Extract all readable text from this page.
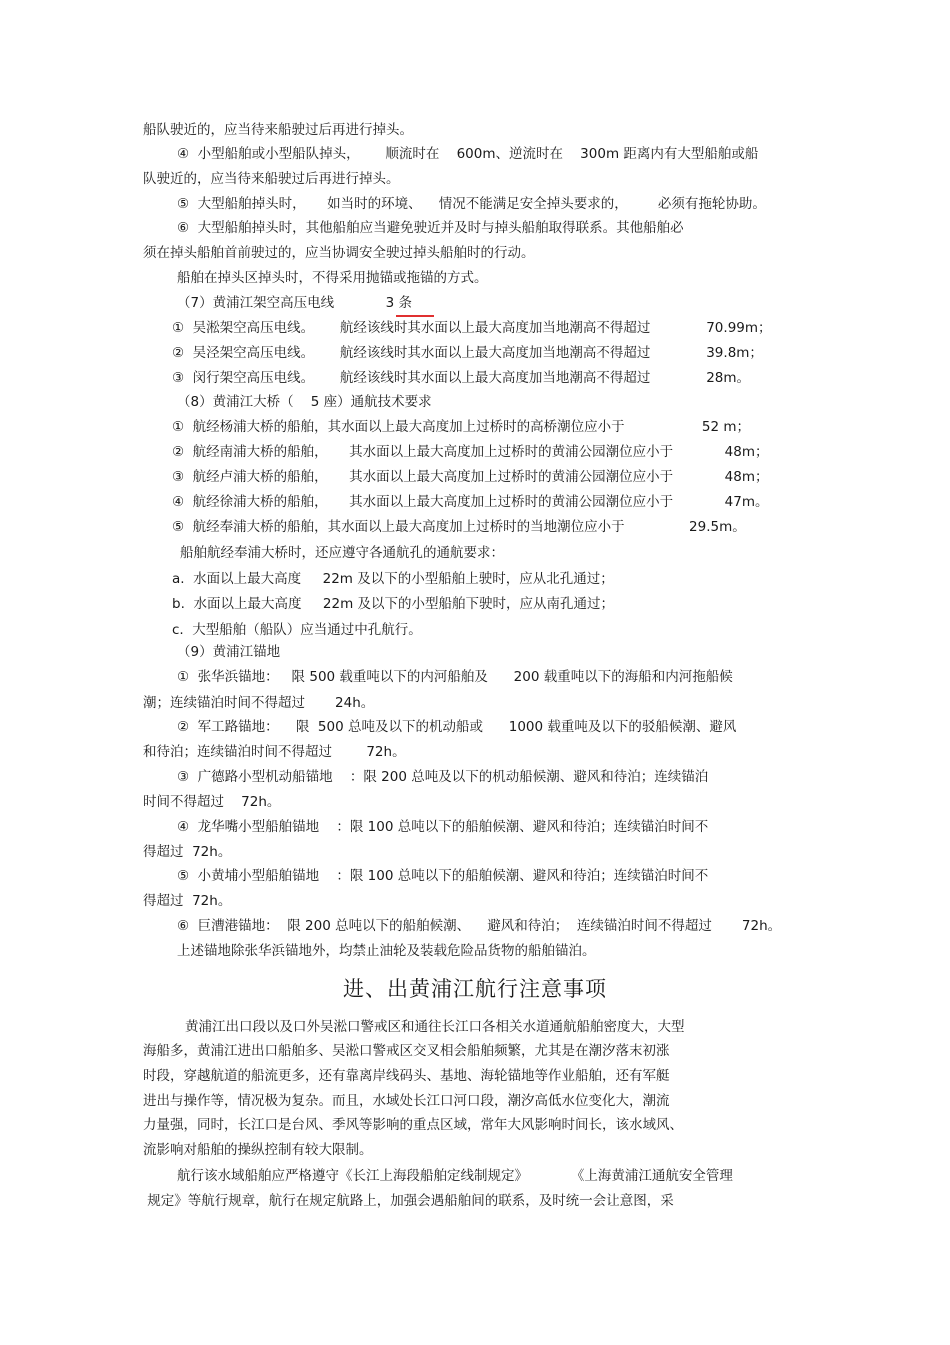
船队驶近的，应当待来船驶过后再进行掉头。
④  小型船舶或小型船队掉头，      顺流时在    600m、逆流时在    300m 距离内有大型船舶或船
队驶近的，应当待来船驶过后再进行掉头。
⑤  大型船舶掉头时，     如当时的环境、    情况不能满足安全掉头要求的，       必须有拖轮协助。
⑥  大型船舶掉头时，其他船舶应当避免驶近并及时与掉头船舶取得联系。其他船舶必
须在掉头船舶首前驶过的，应当协调安全驶过掉头船舶时的行动。
船舶在掉头区掉头时，不得采用抛锚或拖锚的方式。
（7）黄浦江架空高压电线            3 条
①  吴淞架空高压电线。      航经该线时其水面以上最大高度加当地潮高不得超过             70.99m；
②  吴泾架空高压电线。      航经该线时其水面以上最大高度加当地潮高不得超过             39.8m；
③  闵行架空高压电线。      航经该线时其水面以上最大高度加当地潮高不得超过             28m。
（8）黄浦江大桥（    5 座）通航技术要求
①  航经杨浦大桥的船舶，其水面以上最大高度加上过桥时的高桥潮位应小于                  52 m；
②  航经南浦大桥的船舶，     其水面以上最大高度加上过桥时的黄浦公园潮位应小于            48m；
③  航经卢浦大桥的船舶，     其水面以上最大高度加上过桥时的黄浦公园潮位应小于            48m；
④  航经徐浦大桥的船舶，     其水面以上最大高度加上过桥时的黄浦公园潮位应小于            47m。
⑤  航经奉浦大桥的船舶，其水面以上最大高度加上过桥时的当地潮位应小于               29.5m。
船舶航经奉浦大桥时，还应遵守各通航孔的通航要求：
a.  水面以上最大高度     22m 及以下的小型船舶上驶时，应从北孔通过；
b.  水面以上最大高度     22m 及以下的小型船舶下驶时，应从南孔通过；
c.  大型船舶（船队）应当通过中孔航行。
（9）黄浦江锚地
①  张华浜锚地：   限 500 载重吨以下的内河船舶及      200 载重吨以下的海船和内河拖船候
潮；连续锚泊时间不得超过       24h。
②  军工路锚地：    限  500 总吨及以下的机动船或      1000 载重吨及以下的驳船候潮、避风
和待泊；连续锚泊时间不得超过        72h。
③  广德路小型机动船锚地    ：限 200 总吨及以下的机动船候潮、避风和待泊；连续锚泊
时间不得超过    72h。
④  龙华嘴小型船舶锚地    ：限 100 总吨以下的船舶候潮、避风和待泊；连续锚泊时间不
得超过  72h。
⑤  小黄埔小型船舶锚地    ：限 100 总吨以下的船舶候潮、避风和待泊；连续锚泊时间不
得超过  72h。
⑥  巨漕港锚地：  限 200 总吨以下的船舶候潮、    避风和待泊；  连续锚泊时间不得超过       72h。
上述锚地除张华浜锚地外，均禁止油轮及装载危险品货物的船舶锚泊。
进、出黄浦江航行注意事项
黄浦江出口段以及口外吴淞口警戒区和通往长江口各相关水道通航船舶密度大，大型
海船多，黄浦江进出口船舶多、吴淞口警戒区交叉相会船舶频繁，尤其是在潮汐落末初涨
时段，穿越航道的船流更多，还有靠离岸线码头、基地、海轮锚地等作业船舶，还有军艇
进出与操作等，情况极为复杂。而且，水域处长江口河口段，潮汐高低水位变化大，潮流
力量强，同时，长江口是台风、季风等影响的重点区域，常年大风影响时间长，该水域风、
流影响对船舶的操纵控制有较大限制。
航行该水域船舶应严格遵守《长江上海段船舶定线制规定》          《上海黄浦江通航安全管理
规定》等航行规章，航行在规定航路上，加强会遇船舶间的联系，及时统一会让意图，采
